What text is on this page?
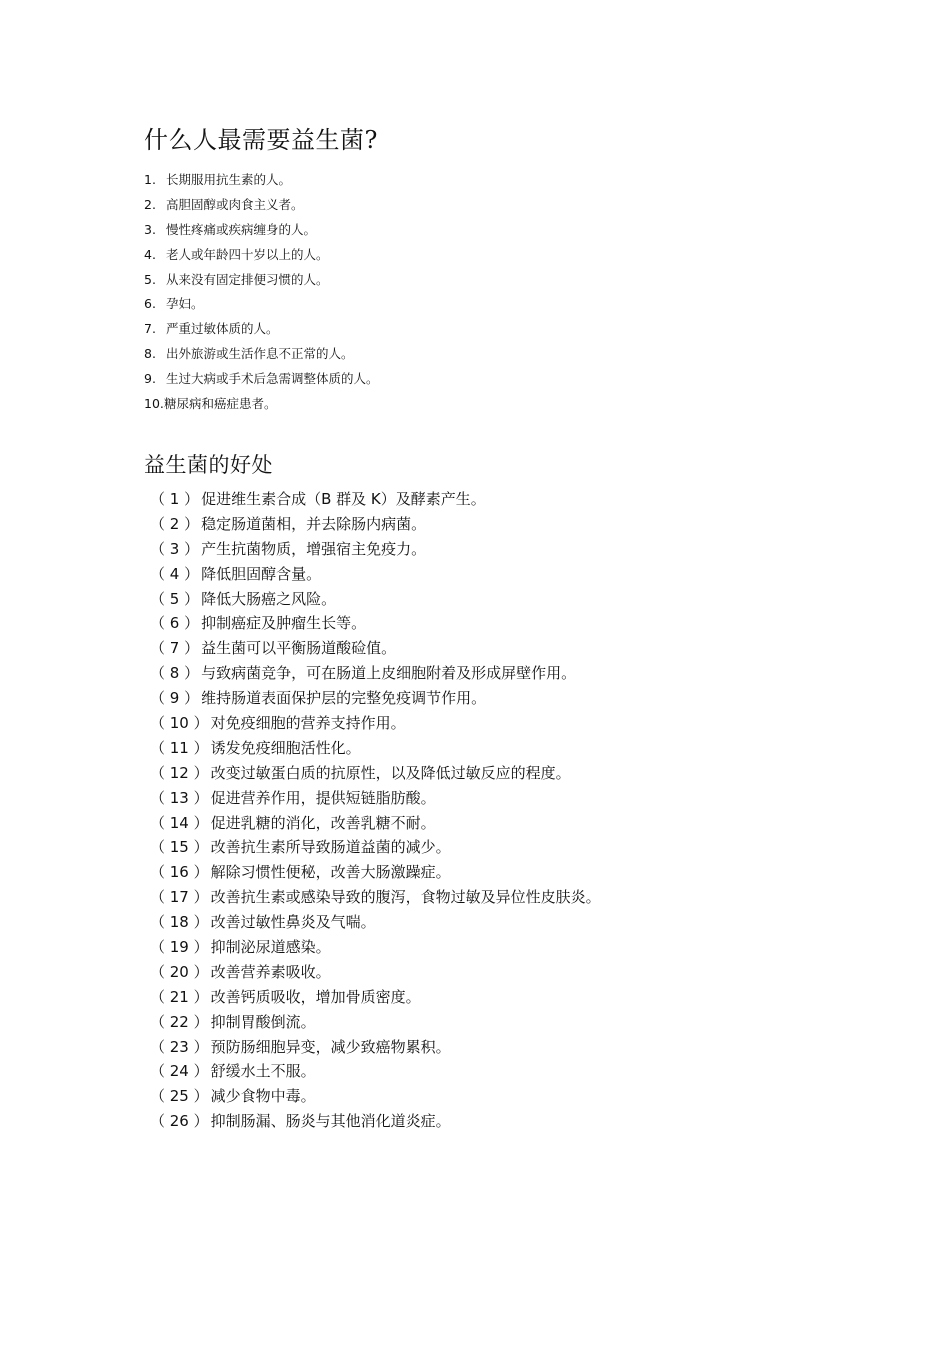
什么人最需要益生菌?
1. 长期服用抗生素的人。
2. 高胆固醇或肉食主义者。
3. 慢性疼痛或疾病缠身的人。
4. 老人或年龄四十岁以上的人。
5. 从来没有固定排便习惯的人。
6. 孕妇。
7. 严重过敏体质的人。
8. 出外旅游或生活作息不正常的人。
9. 生过大病或手术后急需调整体质的人。
10.糖尿病和癌症患者。
益生菌的好处
（ 1 ） 促进维生素合成（B 群及 K）及酵素产生。
（ 2 ） 稳定肠道菌相，并去除肠内病菌。
（ 3 ） 产生抗菌物质，增强宿主免疫力。
（ 4 ） 降低胆固醇含量。
（ 5 ） 降低大肠癌之风险。
（ 6 ） 抑制癌症及肿瘤生长等。
（ 7 ） 益生菌可以平衡肠道酸硷值。
（ 8 ） 与致病菌竞争，可在肠道上皮细胞附着及形成屏壁作用。
（ 9 ） 维持肠道表面保护层的完整免疫调节作用。
（ 10 ） 对免疫细胞的营养支持作用。
（ 11 ） 诱发免疫细胞活性化。
（ 12 ） 改变过敏蛋白质的抗原性，以及降低过敏反应的程度。
（ 13 ） 促进营养作用，提供短链脂肪酸。
（ 14 ） 促进乳糖的消化，改善乳糖不耐。
（ 15 ） 改善抗生素所导致肠道益菌的减少。
（ 16 ） 解除习惯性便秘，改善大肠激躁症。
（ 17 ） 改善抗生素或感染导致的腹泻，食物过敏及异位性皮肤炎。
（ 18 ） 改善过敏性鼻炎及气喘。
（ 19 ） 抑制泌尿道感染。
（ 20 ） 改善营养素吸收。
（ 21 ） 改善钙质吸收，增加骨质密度。
（ 22 ） 抑制胃酸倒流。
（ 23 ） 预防肠细胞异变，减少致癌物累积。
（ 24 ） 舒缓水土不服。
（ 25 ） 减少食物中毒。
（ 26 ） 抑制肠漏、肠炎与其他消化道炎症。
